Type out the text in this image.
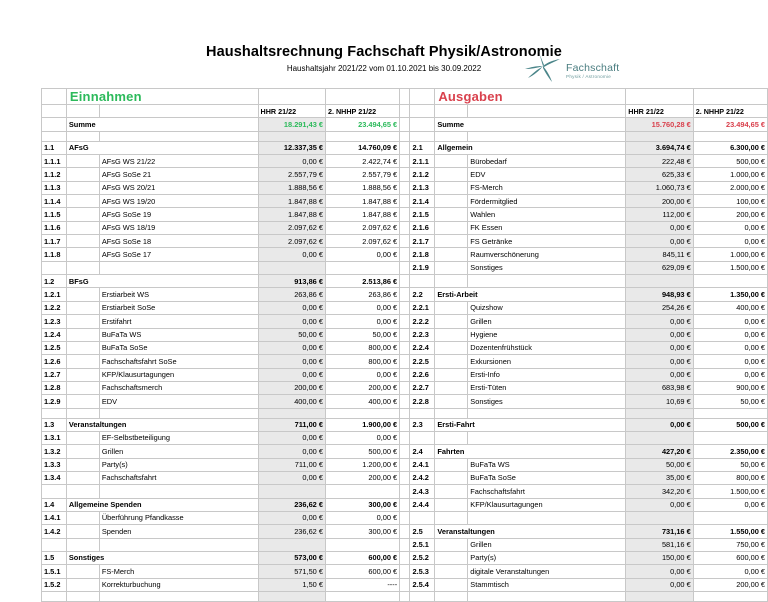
Haushaltsrechnung Fachschaft Physik/Astronomie
Haushaltsjahr 2021/22 vom 01.10.2021 bis 30.09.2022	Fachschaft
Physik / Astronomie
	Einnahmen						Ausgaben			
			HHR 21/22	2. NHHP 21/22					HHR 21/22	2. NHHP 21/22
	Summe		18.291,43 €	23.494,65 €			Summe		15.760,28 €	23.494,65 €

1.1	AFsG		12.337,35 €	14.760,09 €		2.1	Allgemein		3.694,74 €	6.300,00 €
1.1.1		AFsG WS 21/22	0,00 €	2.422,74 €		2.1.1		Bürobedarf	222,48 €	500,00 €
1.1.2		AFsG SoSe 21	2.557,79 €	2.557,79 €		2.1.2		EDV	625,33 €	1.000,00 €
1.1.3		AFsG WS 20/21	1.888,56 €	1.888,56 €		2.1.3		FS-Merch	1.060,73 €	2.000,00 €
1.1.4		AFsG WS 19/20	1.847,88 €	1.847,88 €		2.1.4		Fördermitglied	200,00 €	100,00 €
1.1.5		AFsG SoSe 19	1.847,88 €	1.847,88 €		2.1.5		Wahlen	112,00 €	200,00 €
1.1.6		AFsG WS 18/19	2.097,62 €	2.097,62 €		2.1.6		FK Essen	0,00 €	0,00 €
1.1.7		AFsG SoSe 18	2.097,62 €	2.097,62 €		2.1.7		FS Getränke	0,00 €	0,00 €
1.1.8		AFsG SoSe 17	0,00 €	0,00 €		2.1.8		Raumverschönerung	845,11 €	1.000,00 €
						2.1.9		Sonstiges	629,09 €	1.500,00 €
1.2	BFsG		913,86 €	2.513,86 €						
1.2.1		Erstiarbeit WS	263,86 €	263,86 €		2.2	Ersti-Arbeit		948,93 €	1.350,00 €
1.2.2		Erstiarbeit SoSe	0,00 €	0,00 €		2.2.1		Quizshow	254,26 €	400,00 €
1.2.3		Erstifahrt	0,00 €	0,00 €		2.2.2		Grillen	0,00 €	0,00 €
1.2.4		BuFaTa WS	50,00 €	50,00 €		2.2.3		Hygiene	0,00 €	0,00 €
1.2.5		BuFaTa SoSe	0,00 €	800,00 €		2.2.4		Dozentenfrühstück	0,00 €	0,00 €
1.2.6		Fachschaftsfahrt SoSe	0,00 €	800,00 €		2.2.5		Exkursionen	0,00 €	0,00 €
1.2.7		KFP/Klausurtagungen	0,00 €	0,00 €		2.2.6		Ersti-Info	0,00 €	0,00 €
1.2.8		Fachschaftsmerch	200,00 €	200,00 €		2.2.7		Ersti-Tüten	683,98 €	900,00 €
1.2.9		EDV	400,00 €	400,00 €		2.2.8		Sonstiges	10,69 €	50,00 €

1.3	Veranstaltungen		711,00 €	1.900,00 €		2.3	Ersti-Fahrt		0,00 €	500,00 €
1.3.1		EF-Selbstbeteiligung	0,00 €	0,00 €						
1.3.2		Grillen	0,00 €	500,00 €		2.4	Fahrten		427,20 €	2.350,00 €
1.3.3		Party(s)	711,00 €	1.200,00 €		2.4.1		BuFaTa WS	50,00 €	50,00 €
1.3.4		Fachschaftsfahrt	0,00 €	200,00 €		2.4.2		BuFaTa SoSe	35,00 €	800,00 €
						2.4.3		Fachschaftsfahrt	342,20 €	1.500,00 €
1.4	Allgemeine Spenden		236,62 €	300,00 €		2.4.4		KFP/Klausurtagungen	0,00 €	0,00 €
1.4.1		Überführung Pfandkasse	0,00 €	0,00 €						
1.4.2		Spenden	236,62 €	300,00 €		2.5	Veranstaltungen		731,16 €	1.550,00 €
						2.5.1		Grillen	581,16 €	750,00 €
1.5	Sonstiges		573,00 €	600,00 €		2.5.2		Party(s)	150,00 €	600,00 €
1.5.1		FS-Merch	571,50 €	600,00 €		2.5.3		digitale Veranstaltungen	0,00 €	0,00 €
1.5.2		Korrekturbuchung	1,50 €	----		2.5.4		Stammtisch	0,00 €	200,00 €
